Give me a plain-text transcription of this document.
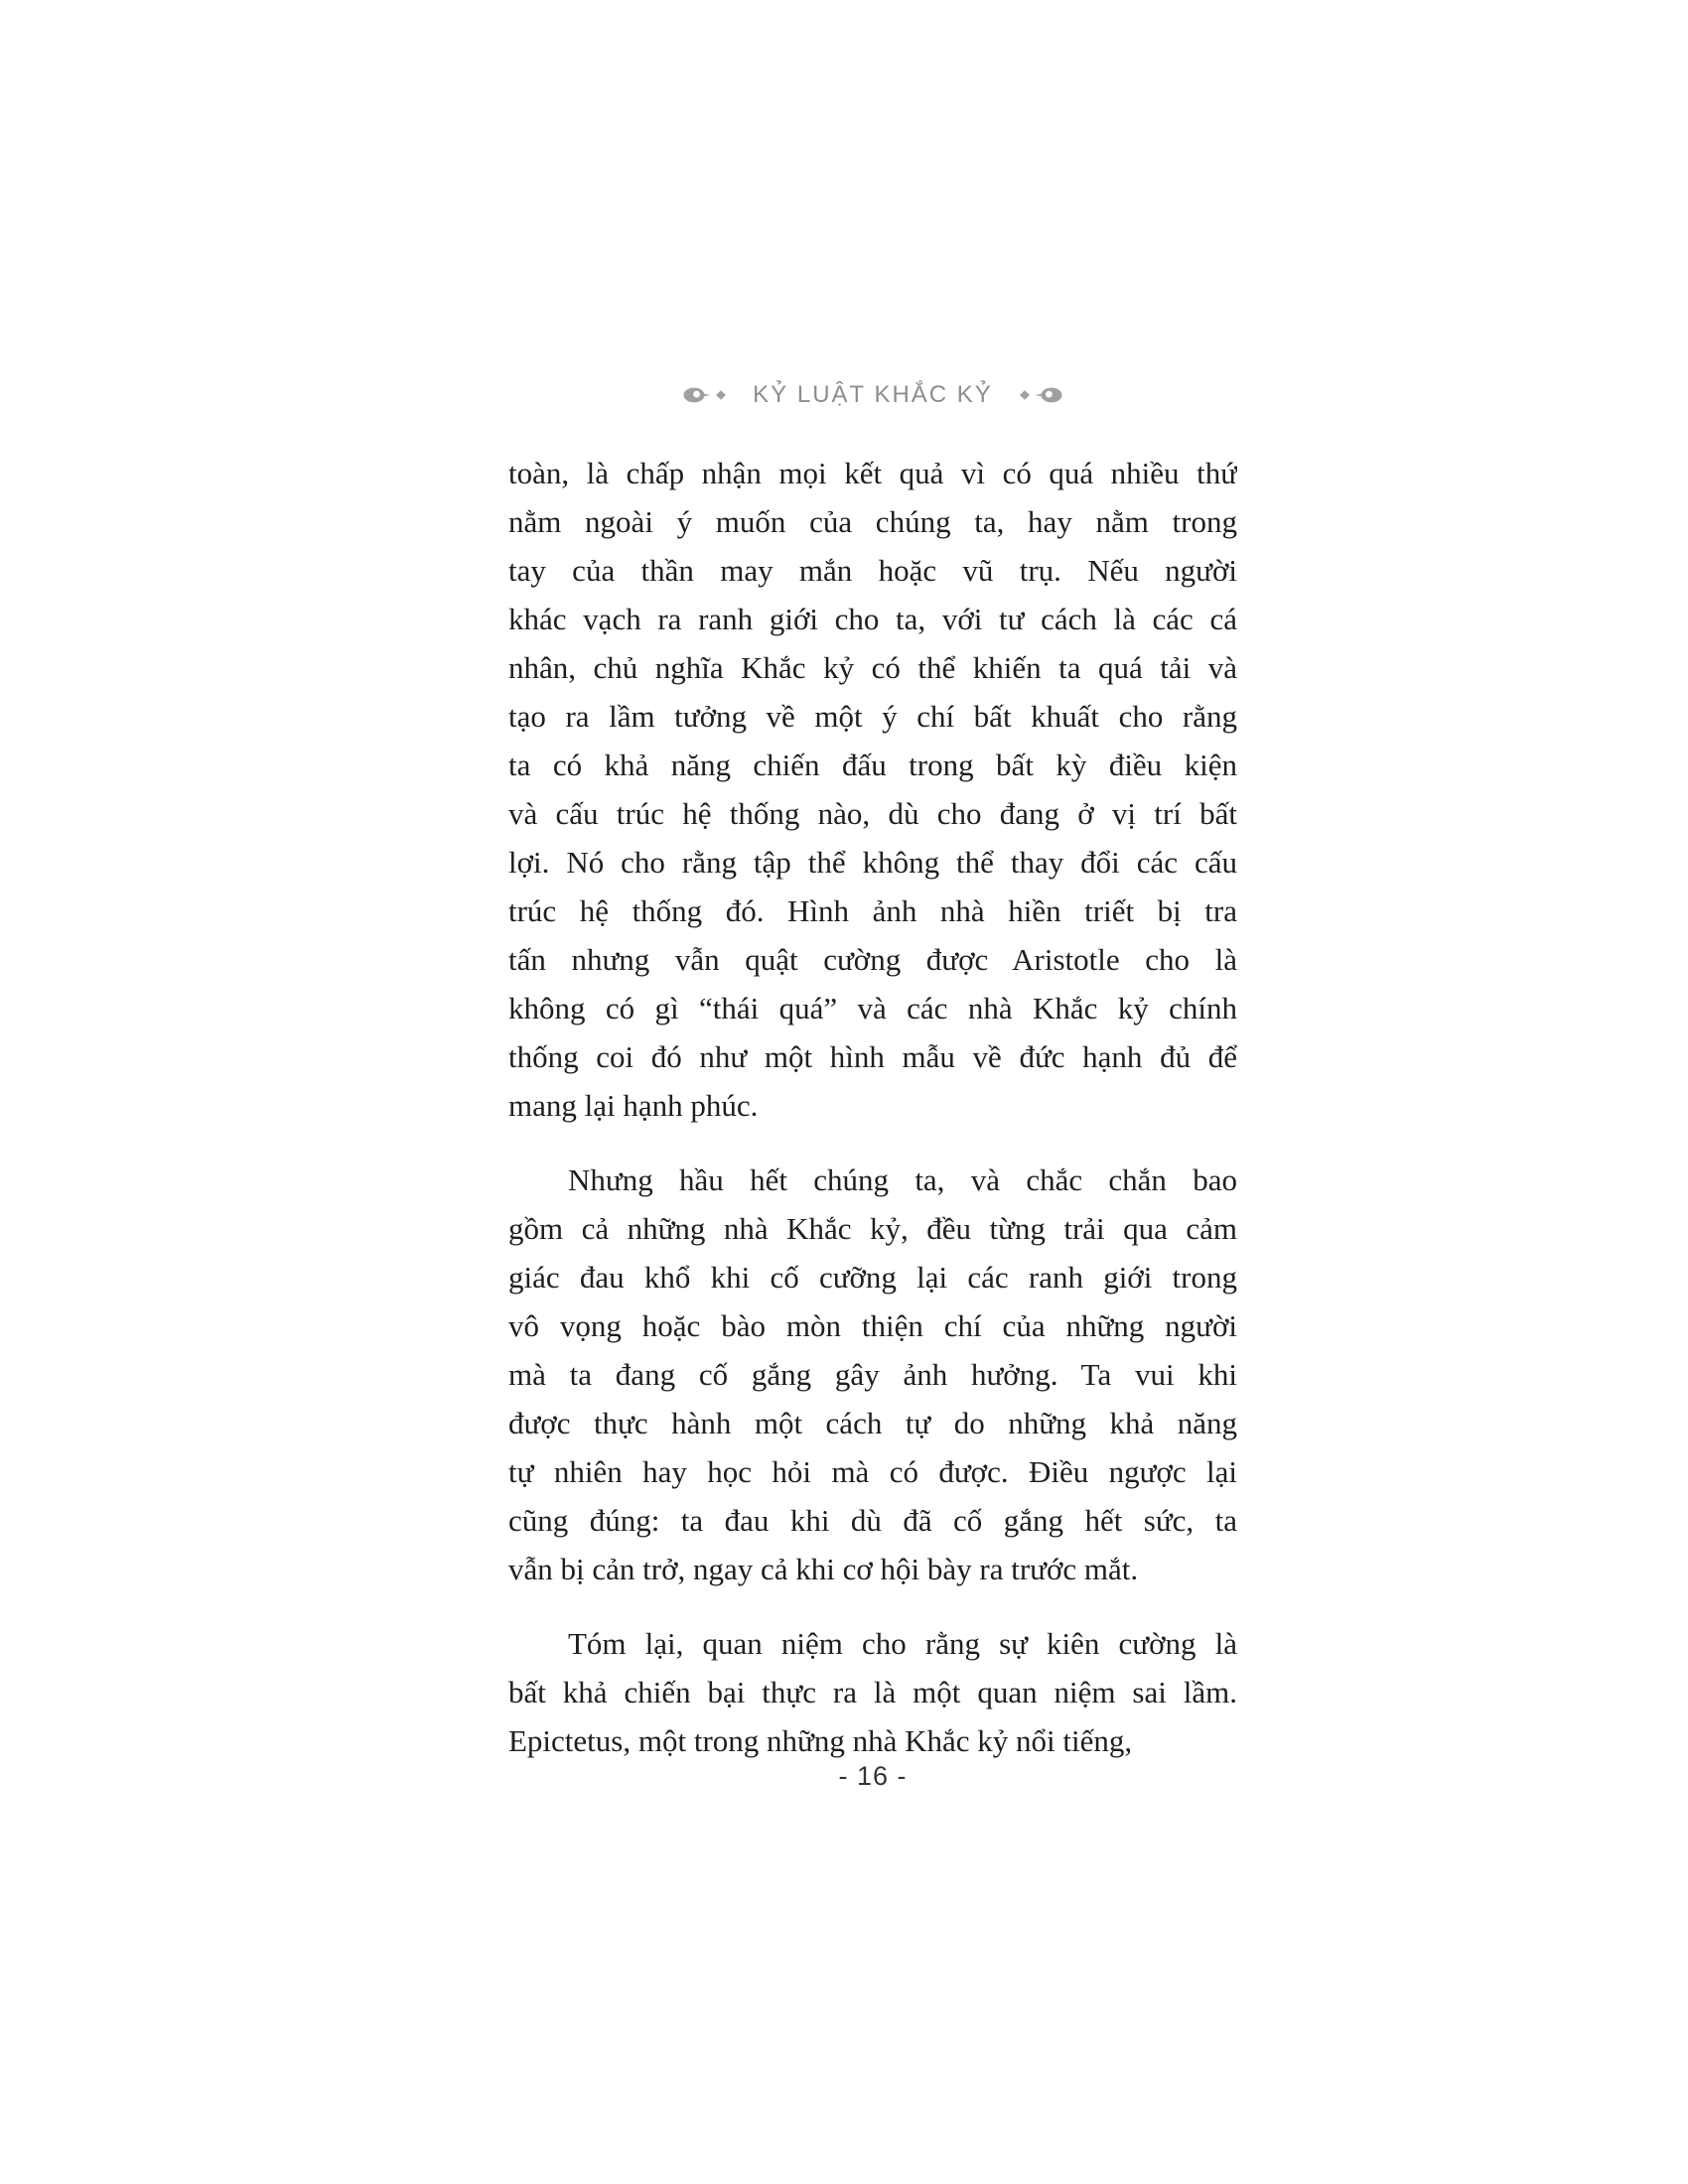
KỶ LUẬT KHẮC KỶ
toàn, là chấp nhận mọi kết quả vì có quá nhiều thứ
nằm ngoài ý muốn của chúng ta, hay nằm trong
tay của thần may mắn hoặc vũ trụ. Nếu người
khác vạch ra ranh giới cho ta, với tư cách là các cá
nhân, chủ nghĩa Khắc kỷ có thể khiến ta quá tải và
tạo ra lầm tưởng về một ý chí bất khuất cho rằng
ta có khả năng chiến đấu trong bất kỳ điều kiện
và cấu trúc hệ thống nào, dù cho đang ở vị trí bất
lợi. Nó cho rằng tập thể không thể thay đổi các cấu
trúc hệ thống đó. Hình ảnh nhà hiền triết bị tra
tấn nhưng vẫn quật cường được Aristotle cho là
không có gì “thái quá” và các nhà Khắc kỷ chính
thống coi đó như một hình mẫu về đức hạnh đủ để
mang lại hạnh phúc.
Nhưng hầu hết chúng ta, và chắc chắn bao
gồm cả những nhà Khắc kỷ, đều từng trải qua cảm
giác đau khổ khi cố cưỡng lại các ranh giới trong
vô vọng hoặc bào mòn thiện chí của những người
mà ta đang cố gắng gây ảnh hưởng. Ta vui khi
được thực hành một cách tự do những khả năng
tự nhiên hay học hỏi mà có được. Điều ngược lại
cũng đúng: ta đau khi dù đã cố gắng hết sức, ta
vẫn bị cản trở, ngay cả khi cơ hội bày ra trước mắt.
Tóm lại, quan niệm cho rằng sự kiên cường là
bất khả chiến bại thực ra là một quan niệm sai lầm.
Epictetus, một trong những nhà Khắc kỷ nổi tiếng,
- 16 -
